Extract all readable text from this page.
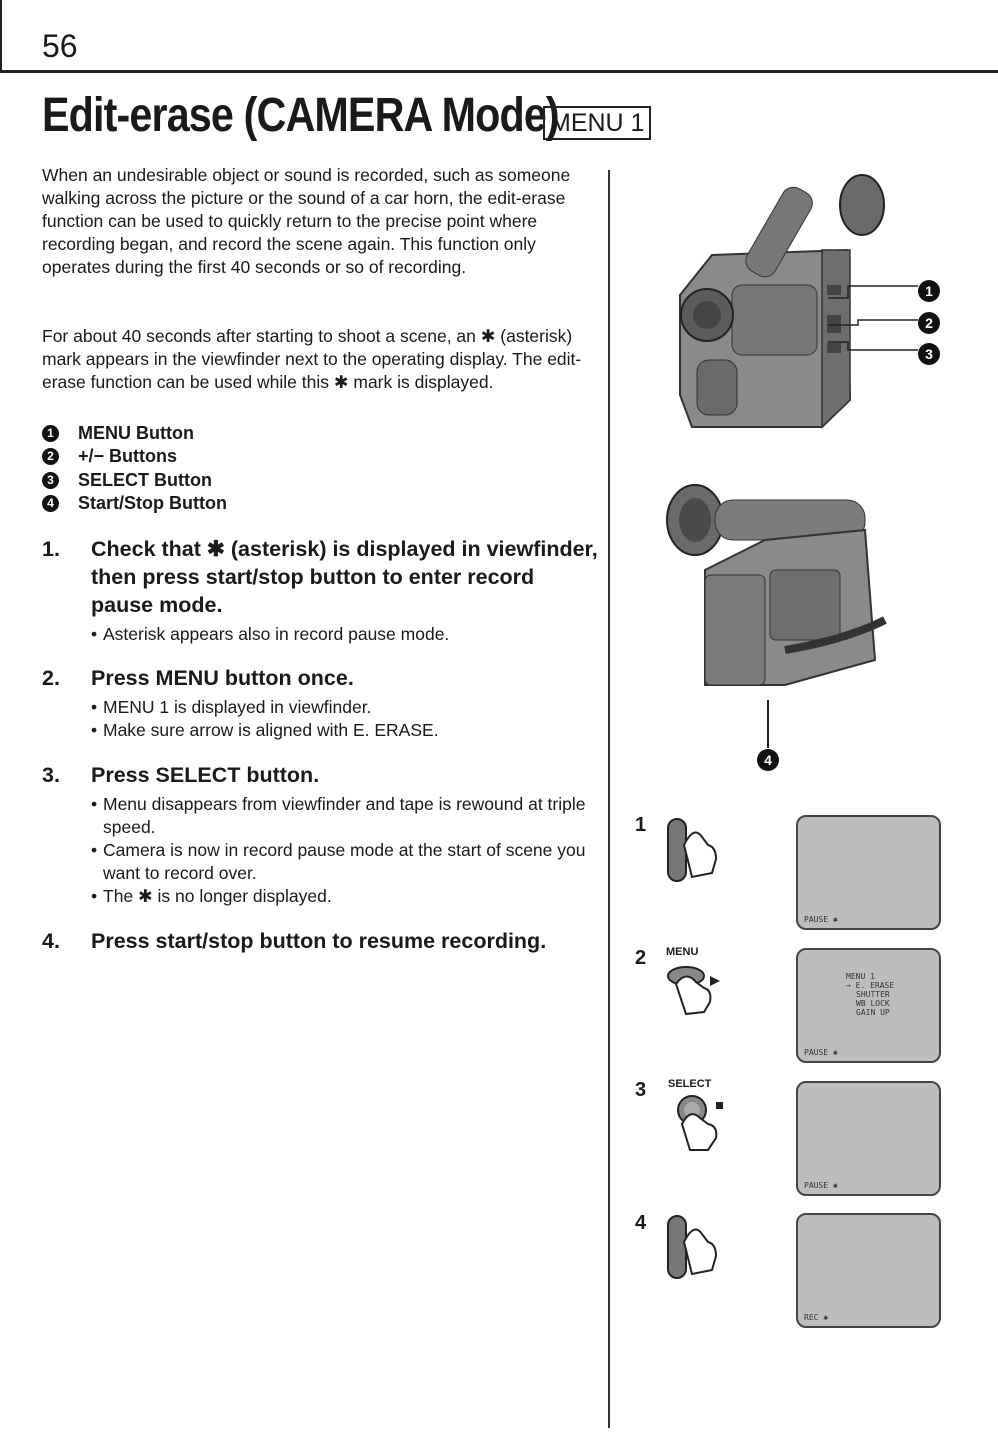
56
Edit-erase (CAMERA Mode)
MENU 1
When an undesirable object or sound is recorded, such as someone walking across the picture or the sound of a car horn, the edit-erase function can be used to quickly return to the precise point where recording began, and record the scene again. This function only operates during the first 40 seconds or so of recording.
For about 40 seconds after starting to shoot a scene, an ✱ (asterisk) mark appears in the viewfinder next to the operating display. The edit-erase function can be used while this ✱ mark is displayed.
1 MENU Button
2 +/− Buttons
3 SELECT Button
4 Start/Stop Button
1.	Check that ✱ (asterisk) is displayed in viewfinder, then press start/stop button to enter record pause mode.
• Asterisk appears also in record pause mode.
2.	Press MENU button once.
• MENU 1 is displayed in viewfinder.
• Make sure arrow is aligned with E. ERASE.
3.	Press SELECT button.
• Menu disappears from viewfinder and tape is rewound at triple speed.
• Camera is now in record pause mode at the start of scene you want to record over.
• The ✱ is no longer displayed.
4.	Press start/stop button to resume recording.
1
2
3
4
1
PAUSE ✱
2 MENU
MENU 1
→ E. ERASE
SHUTTER
WB LOCK
GAIN UP
PAUSE ✱
3 SELECT
PAUSE ✱
4
REC ✱
